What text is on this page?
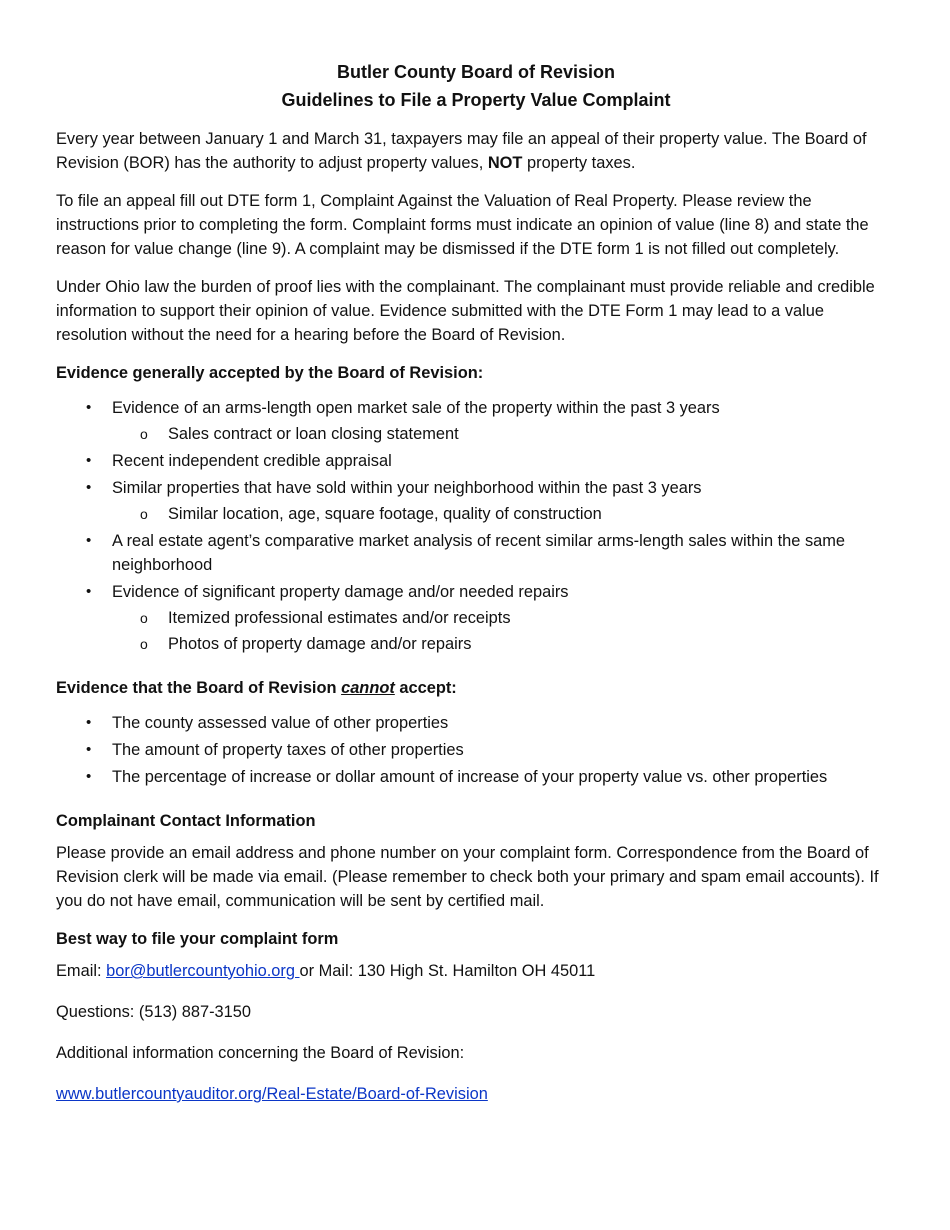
Butler County Board of Revision
Guidelines to File a Property Value Complaint

Every year between January 1 and March 31, taxpayers may file an appeal of their property value. The Board of Revision (BOR) has the authority to adjust property values, NOT property taxes.

To file an appeal fill out DTE form 1, Complaint Against the Valuation of Real Property. Please review the instructions prior to completing the form. Complaint forms must indicate an opinion of value (line 8) and state the reason for value change (line 9). A complaint may be dismissed if the DTE form 1 is not filled out completely.

Under Ohio law the burden of proof lies with the complainant. The complainant must provide reliable and credible information to support their opinion of value. Evidence submitted with the DTE Form 1 may lead to a value resolution without the need for a hearing before the Board of Revision.

Evidence generally accepted by the Board of Revision:
• Evidence of an arms-length open market sale of the property within the past 3 years
o Sales contract or loan closing statement
• Recent independent credible appraisal
• Similar properties that have sold within your neighborhood within the past 3 years
o Similar location, age, square footage, quality of construction
• A real estate agent’s comparative market analysis of recent similar arms-length sales within the same neighborhood
• Evidence of significant property damage and/or needed repairs
o Itemized professional estimates and/or receipts
o Photos of property damage and/or repairs
Evidence that the Board of Revision cannot accept:
• The county assessed value of other properties
• The amount of property taxes of other properties
• The percentage of increase or dollar amount of increase of your property value vs. other properties
Complainant Contact Information

Please provide an email address and phone number on your complaint form. Correspondence from the Board of Revision clerk will be made via email. (Please remember to check both your primary and spam email accounts). If you do not have email, communication will be sent by certified mail.

Best way to file your complaint form

Email: bor@butlercountyohio.org or Mail: 130 High St. Hamilton OH 45011

Questions: (513) 887-3150

Additional information concerning the Board of Revision:

www.butlercountyauditor.org/Real-Estate/Board-of-Revision
